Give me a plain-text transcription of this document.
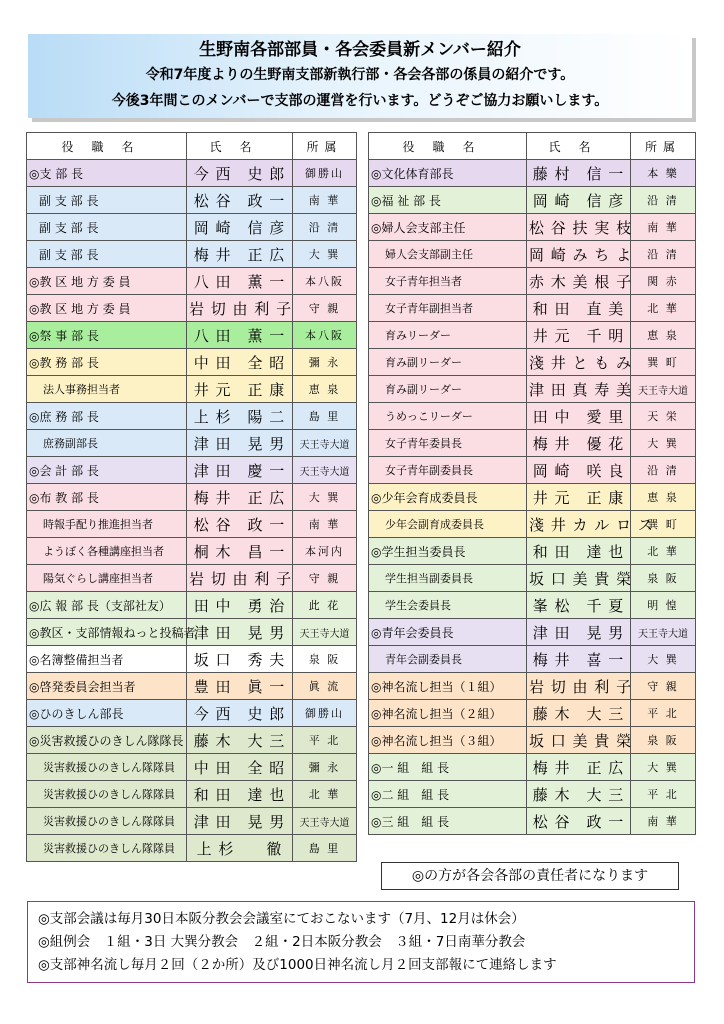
生野南各部部員・各会委員新メンバー紹介
令和7年度よりの生野南支部新執行部・各会各部の係員の紹介です。
今後3年間このメンバーで支部の運営を行います。どうぞご協力お願いします。
役職名	氏名	所属
◎支 部 長	今 西　史 郎	御勝山
副 支 部 長	松 谷　政 一	南 華
副 支 部 長	岡 崎　信 彦	沿 清
副 支 部 長	梅 井　正 広	大 巽
◎教 区 地 方 委 員	八 田　薫 一	本八阪
◎教 区 地 方 委 員	岩 切 由 利 子	守 親
◎祭 事 部 長	八 田　薫 一	本八阪
◎教 務 部 長	中 田　全 昭	彌 永
法人事務担当者	井 元　正 康	恵 泉
◎庶 務 部 長	上 杉　陽 二	島 里
庶務副部長	津 田　晃 男	天王寺大道
◎会 計 部 長	津 田　慶 一	天王寺大道
◎布 教 部 長	梅 井　正 広	大 巽
時報手配り推進担当者	松 谷　政 一	南 華
ようぼく各種講座担当者	桐 木　昌 一	本河内
陽気ぐらし講座担当者	岩 切 由 利 子	守 親
◎広 報 部 長（支部社友）	田 中　勇 治	此 花
◎教区・支部情報ねっと投稿者	津 田　晃 男	天王寺大道
◎名簿整備担当者	坂 口　秀 夫	泉 阪
◎啓発委員会担当者	豊 田　眞 一	眞 流
◎ひのきしん部長	今 西　史 郎	御勝山
◎災害救援ひのきしん隊隊長	藤 木　大 三	平 北
災害救援ひのきしん隊隊員	中 田　全 昭	彌 永
災害救援ひのきしん隊隊員	和 田　達 也	北 華
災害救援ひのきしん隊隊員	津 田　晃 男	天王寺大道
災害救援ひのきしん隊隊員	上 杉　　徹	島 里
役職名	氏名	所属
◎文化体育部長	藤 村　信 一	本 樂
◎福 祉 部 長	岡 崎　信 彦	沿 清
◎婦人会支部主任	松 谷 扶 実 枝	南 華
婦人会支部副主任	岡 崎 み ち よ	沿 清
女子青年担当者	赤 木 美 根 子	関 赤
女子青年副担当者	和 田　直 美	北 華
育みリーダー	井 元　千 明	恵 泉
育み副リーダー	淺 井 と も み	巽 町
育み副リーダー	津 田 真 寿 美	天王寺大道
うめっこリーダー	田 中　愛 里	天 栄
女子青年委員長	梅 井　優 花	大 巽
女子青年副委員長	岡 崎　咲 良	沿 清
◎少年会育成委員長	井 元　正 康	恵 泉
少年会副育成委員長	淺 井 カ ル ロ ス	巽 町
◎学生担当委員長	和 田　達 也	北 華
学生担当副委員長	坂 口 美 貴 榮	泉 阪
学生会委員長	峯 松　千 夏	明 惶
◎青年会委員長	津 田　晃 男	天王寺大道
青年会副委員長	梅 井　喜 一	大 巽
◎神名流し担当（１組）	岩 切 由 利 子	守 親
◎神名流し担当（２組）	藤 木　大 三	平 北
◎神名流し担当（３組）	坂 口 美 貴 榮	泉 阪
◎一 組　組 長	梅 井　正 広	大 巽
◎二 組　組 長	藤 木　大 三	平 北
◎三 組　組 長	松 谷　政 一	南 華
◎の方が各会各部の責任者になります
◎支部会議は毎月30日本阪分教会会議室にておこないます（7月、12月は休会）
◎組例会　１組・3日 大巽分教会　２組・2日本阪分教会　３組・7日南華分教会
◎支部神名流し毎月２回（２か所）及び1000日神名流し月２回支部報にて連絡します
